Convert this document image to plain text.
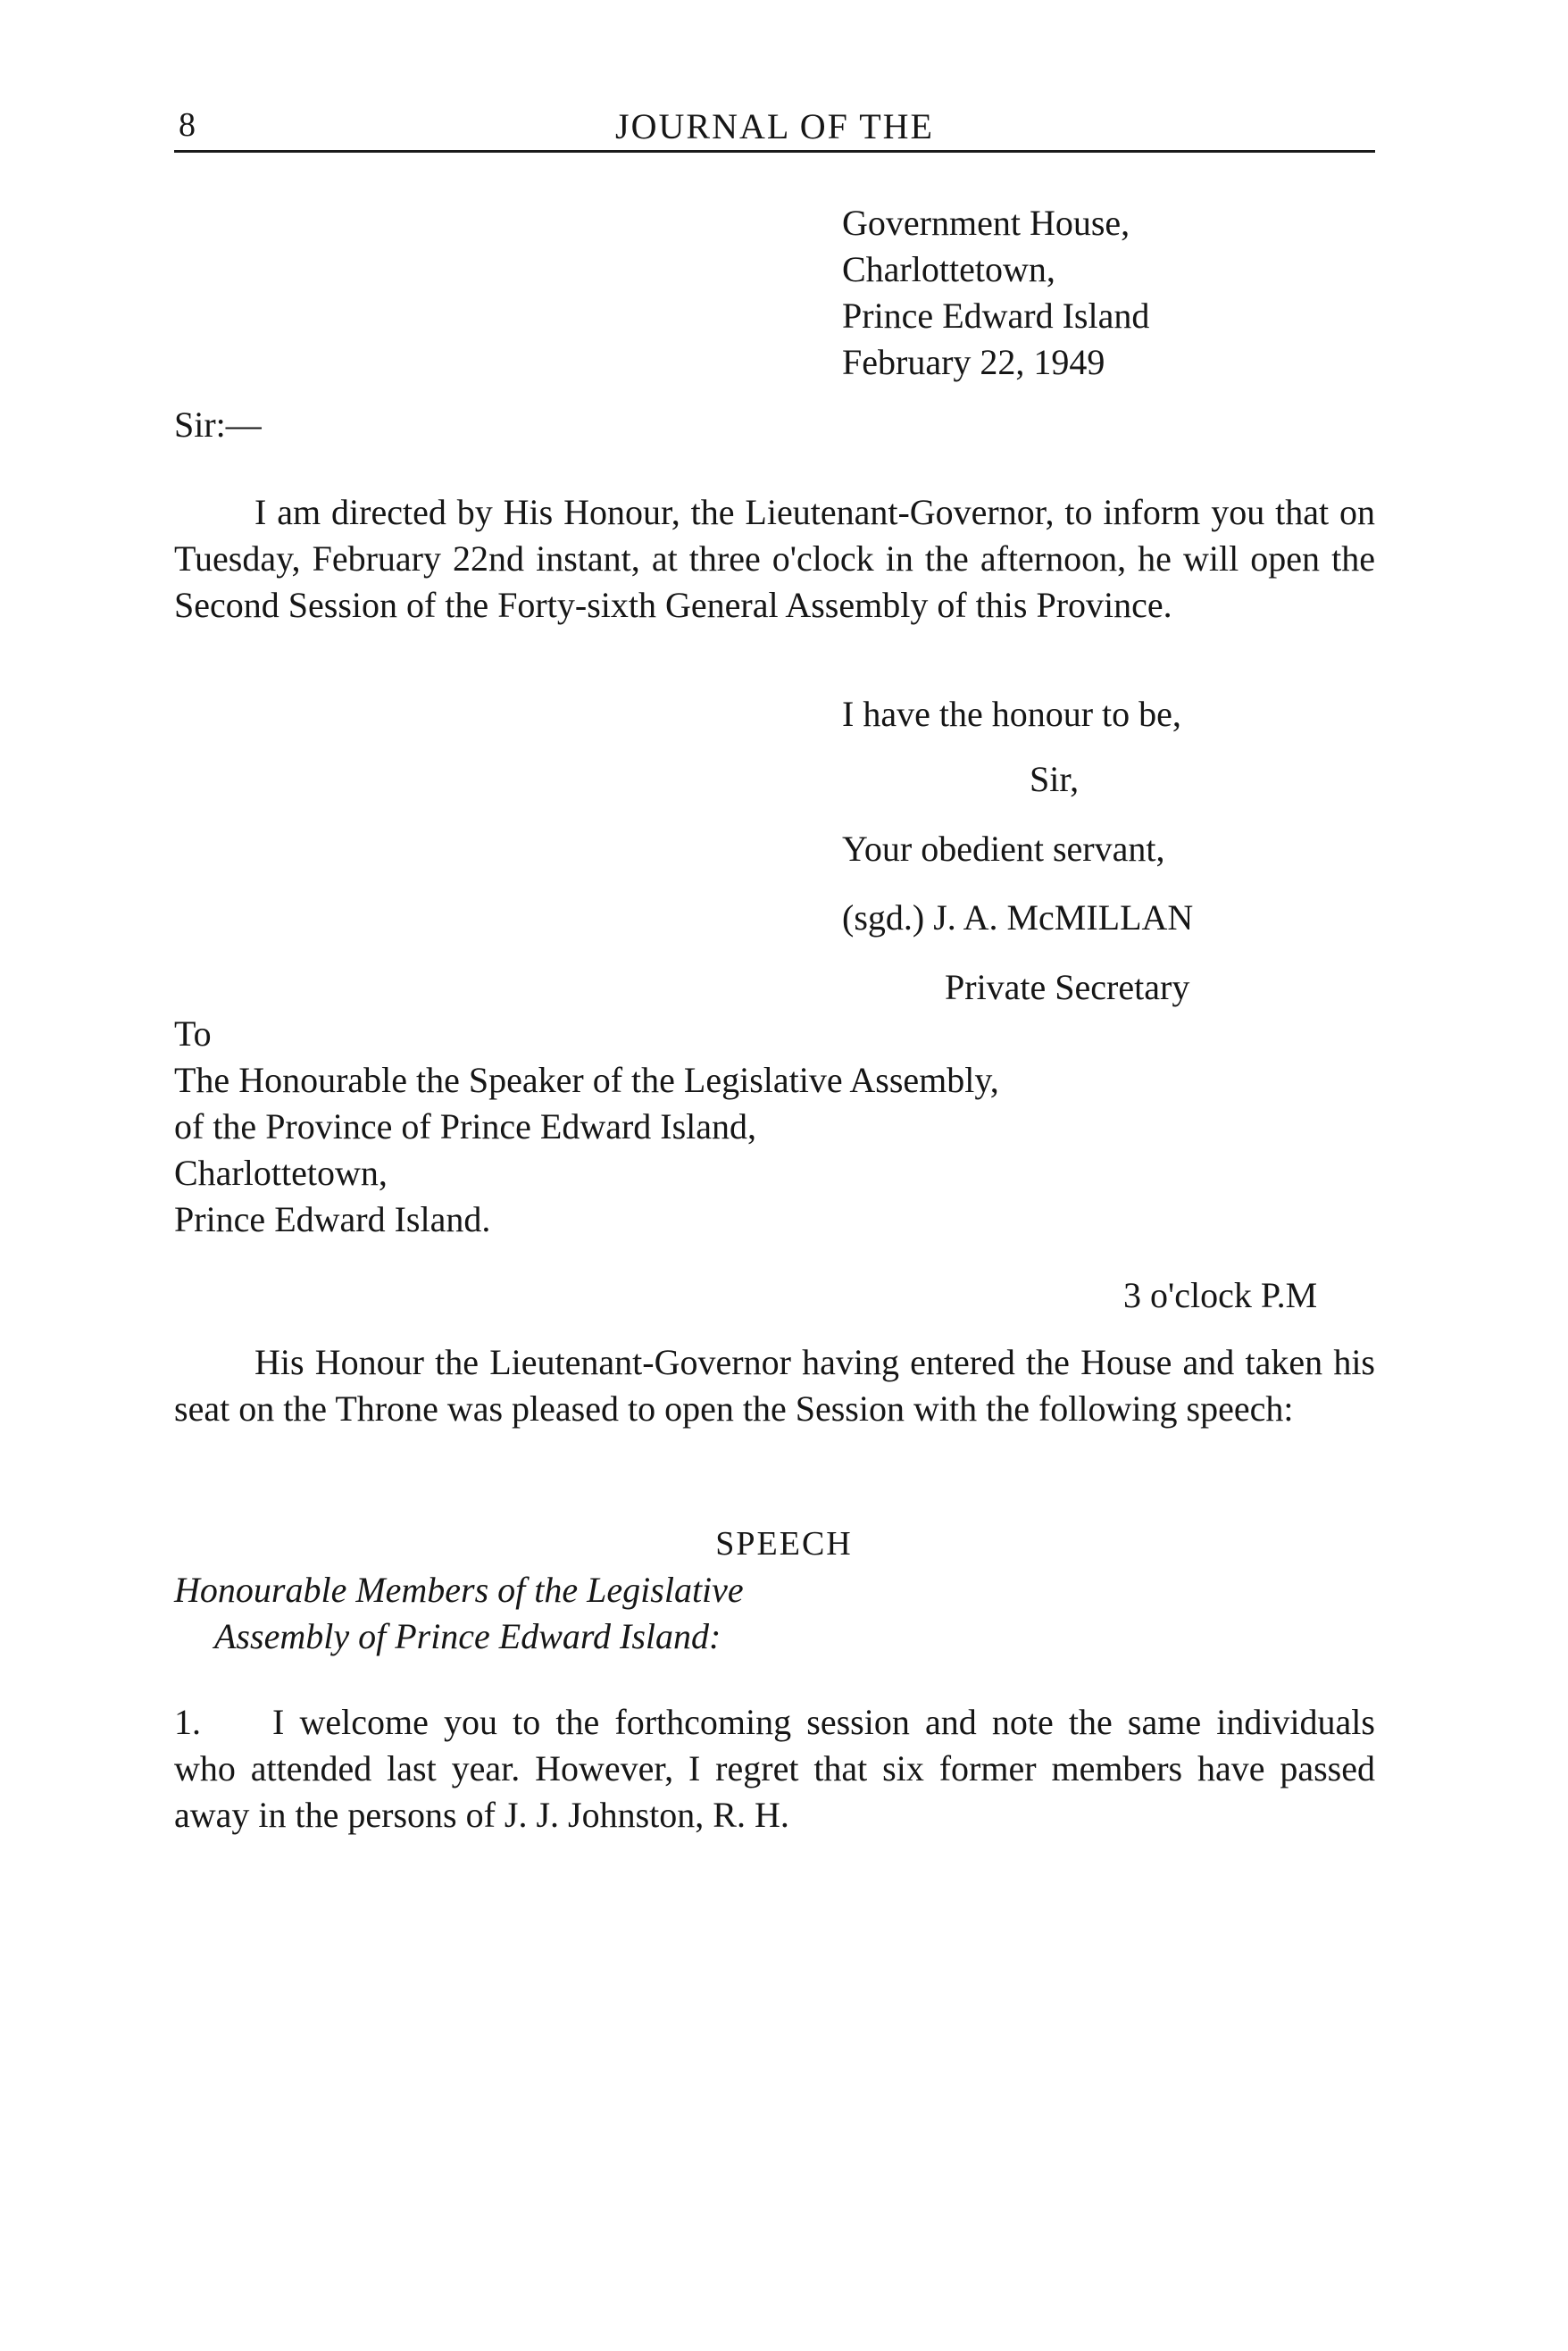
8	JOURNAL OF THE
Government House,
Charlottetown,
Prince Edward Island
February 22, 1949
Sir:—
I am directed by His Honour, the Lieutenant-Governor, to inform you that on Tuesday, February 22nd instant, at three o'clock in the afternoon, he will open the Second Session of the Forty-sixth General Assembly of this Province.
I have the honour to be,
Sir,
Your obedient servant,
(sgd.) J. A. McMILLAN
Private Secretary
To
The Honourable the Speaker of the Legislative Assembly,
of the Province of Prince Edward Island,
Charlottetown,
Prince Edward Island.
3 o'clock P.M
His Honour the Lieutenant-Governor having entered the House and taken his seat on the Throne was pleased to open the Session with the following speech:
SPEECH
Honourable Members of the Legislative
Assembly of Prince Edward Island:
1. I welcome you to the forthcoming session and note the same individuals who attended last year. However, I regret that six former members have passed away in the persons of J. J. Johnston, R. H.
